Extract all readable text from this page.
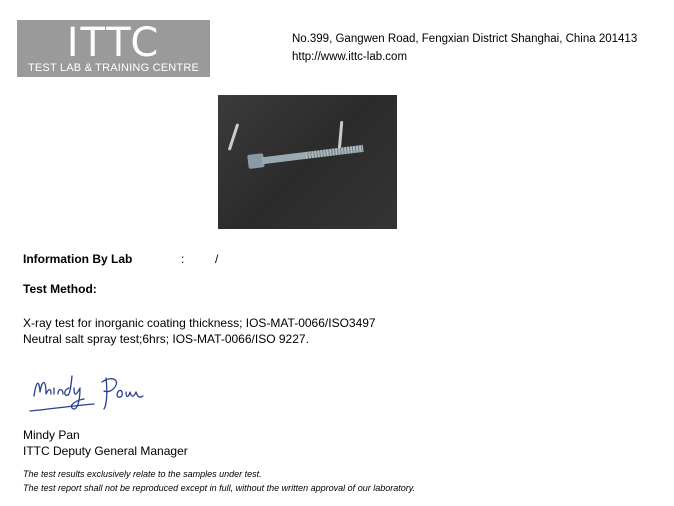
ITTC
TEST LAB & TRAINING CENTRE
No.399, Gangwen Road, Fengxian District Shanghai, China 201413
http://www.ittc-lab.com
Information By Lab	:	/
Test Method:
X-ray test for inorganic coating thickness; IOS-MAT-0066/ISO3497
Neutral salt spray test;6hrs; IOS-MAT-0066/ISO 9227.
Mindy Pan
ITTC Deputy General Manager
The test results exclusively relate to the samples under test.
The test report shall not be reproduced except in full, without the written approval of our laboratory.
